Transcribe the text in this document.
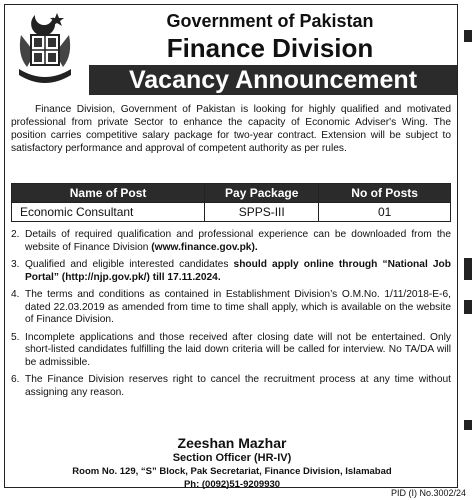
Government of Pakistan
Finance Division
Vacancy Announcement
Finance Division, Government of Pakistan is looking for highly qualified and motivated professional from private Sector to enhance the capacity of Economic Adviser's Wing. The position carries competitive salary package for two-year contract. Extension will be subject to satisfactory performance and approval of competent authority as per rules.
Name of Post	Pay Package	No of Posts
Economic Consultant	SPPS-III	01
2. Details of required qualification and professional experience can be downloaded from the website of Finance Division (www.finance.gov.pk).
3. Qualified and eligible interested candidates should apply online through “National Job Portal” (http://njp.gov.pk/) till 17.11.2024.
4. The terms and conditions as contained in Establishment Division’s O.M.No. 1/11/2018-E-6, dated 22.03.2019 as amended from time to time shall apply, which is available on the website of Finance Division.
5. Incomplete applications and those received after closing date will not be entertained. Only short-listed candidates fulfilling the laid down criteria will be called for interview. No TA/DA will be admissible.
6. The Finance Division reserves right to cancel the recruitment process at any time without assigning any reason.
Zeeshan Mazhar
Section Officer (HR-IV)
Room No. 129, “S” Block, Pak Secretariat, Finance Division, Islamabad
Ph: (0092)51-9209930
PID (I) No.3002/24
